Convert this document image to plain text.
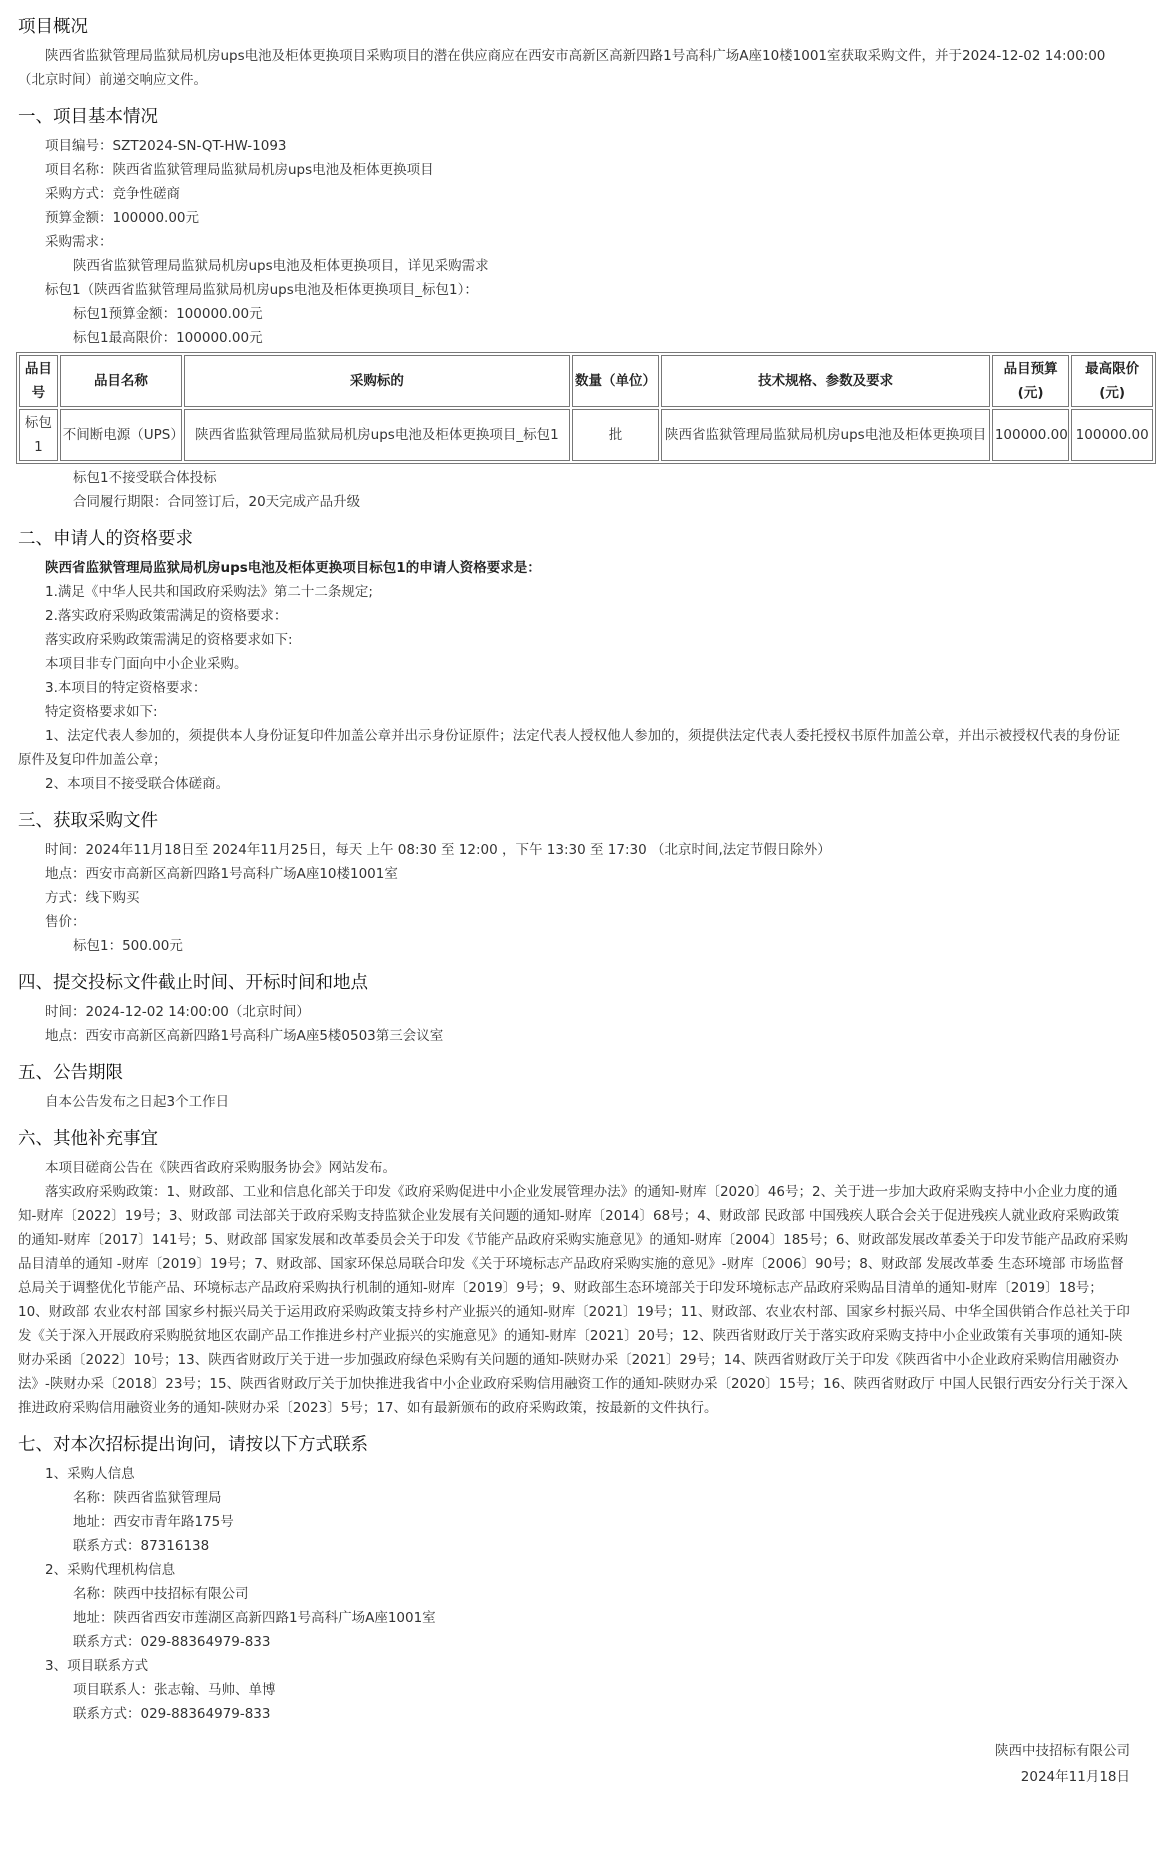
项目概况

陕西省监狱管理局监狱局机房ups电池及柜体更换项目采购项目的潜在供应商应在西安市高新区高新四路1号高科广场A座10楼1001室获取采购文件，并于2024-12-02 14:00:00（北京时间）前递交响应文件。

一、项目基本情况

项目编号：SZT2024-SN-QT-HW-1093

项目名称：陕西省监狱管理局监狱局机房ups电池及柜体更换项目

采购方式：竞争性磋商

预算金额：100000.00元

采购需求：

陕西省监狱管理局监狱局机房ups电池及柜体更换项目，详见采购需求

标包1（陕西省监狱管理局监狱局机房ups电池及柜体更换项目_标包1）：

标包1预算金额：100000.00元

标包1最高限价：100000.00元

品目号	品目名称	采购标的	数量（单位）	技术规格、参数及要求	品目预算(元)	最高限价(元)
标包1	不间断电源（UPS）	陕西省监狱管理局监狱局机房ups电池及柜体更换项目_标包1	批	陕西省监狱管理局监狱局机房ups电池及柜体更换项目	100000.00	100000.00

标包1不接受联合体投标

合同履行期限：合同签订后，20天完成产品升级

二、申请人的资格要求

陕西省监狱管理局监狱局机房ups电池及柜体更换项目标包1的申请人资格要求是：

1.满足《中华人民共和国政府采购法》第二十二条规定;

2.落实政府采购政策需满足的资格要求：

落实政府采购政策需满足的资格要求如下:

本项目非专门面向中小企业采购。

3.本项目的特定资格要求：

特定资格要求如下:

1、法定代表人参加的，须提供本人身份证复印件加盖公章并出示身份证原件；法定代表人授权他人参加的，须提供法定代表人委托授权书原件加盖公章，并出示被授权代表的身份证原件及复印件加盖公章；

2、本项目不接受联合体磋商。

三、获取采购文件

时间：2024年11月18日至 2024年11月25日，每天 上午 08:30 至 12:00 ，下午 13:30 至 17:30 （北京时间,法定节假日除外）

地点：西安市高新区高新四路1号高科广场A座10楼1001室

方式：线下购买

售价：

标包1：500.00元

四、提交投标文件截止时间、开标时间和地点

时间：2024-12-02 14:00:00（北京时间）

地点：西安市高新区高新四路1号高科广场A座5楼0503第三会议室

五、公告期限

自本公告发布之日起3个工作日

六、其他补充事宜

本项目磋商公告在《陕西省政府采购服务协会》网站发布。

落实政府采购政策：1、财政部、工业和信息化部关于印发《政府采购促进中小企业发展管理办法》的通知-财库〔2020〕46号；2、关于进一步加大政府采购支持中小企业力度的通知-财库〔2022〕19号；3、财政部 司法部关于政府采购支持监狱企业发展有关问题的通知-财库〔2014〕68号；4、财政部 民政部 中国残疾人联合会关于促进残疾人就业政府采购政策的通知-财库〔2017〕141号；5、财政部 国家发展和改革委员会关于印发《节能产品政府采购实施意见》的通知-财库〔2004〕185号；6、财政部发展改革委关于印发节能产品政府采购品目清单的通知 -财库〔2019〕19号；7、财政部、国家环保总局联合印发《关于环境标志产品政府采购实施的意见》-财库〔2006〕90号；8、财政部 发展改革委 生态环境部 市场监督总局关于调整优化节能产品、环境标志产品政府采购执行机制的通知-财库〔2019〕9号；9、财政部生态环境部关于印发环境标志产品政府采购品目清单的通知-财库〔2019〕18号；10、财政部 农业农村部 国家乡村振兴局关于运用政府采购政策支持乡村产业振兴的通知-财库〔2021〕19号；11、财政部、农业农村部、国家乡村振兴局、中华全国供销合作总社关于印发《关于深入开展政府采购脱贫地区农副产品工作推进乡村产业振兴的实施意见》的通知-财库〔2021〕20号；12、陕西省财政厅关于落实政府采购支持中小企业政策有关事项的通知-陕财办采函〔2022〕10号；13、陕西省财政厅关于进一步加强政府绿色采购有关问题的通知-陕财办采〔2021〕29号；14、陕西省财政厅关于印发《陕西省中小企业政府采购信用融资办法》-陕财办采〔2018〕23号；15、陕西省财政厅关于加快推进我省中小企业政府采购信用融资工作的通知-陕财办采〔2020〕15号；16、陕西省财政厅 中国人民银行西安分行关于深入推进政府采购信用融资业务的通知-陕财办采〔2023〕5号；17、如有最新颁布的政府采购政策，按最新的文件执行。

七、对本次招标提出询问，请按以下方式联系

1、采购人信息

名称：陕西省监狱管理局

地址：西安市青年路175号

联系方式：87316138

2、采购代理机构信息

名称：陕西中技招标有限公司

地址：陕西省西安市莲湖区高新四路1号高科广场A座1001室

联系方式：029-88364979-833

3、项目联系方式

项目联系人：张志翰、马帅、单博

联系方式：029-88364979-833

陕西中技招标有限公司
2024年11月18日
